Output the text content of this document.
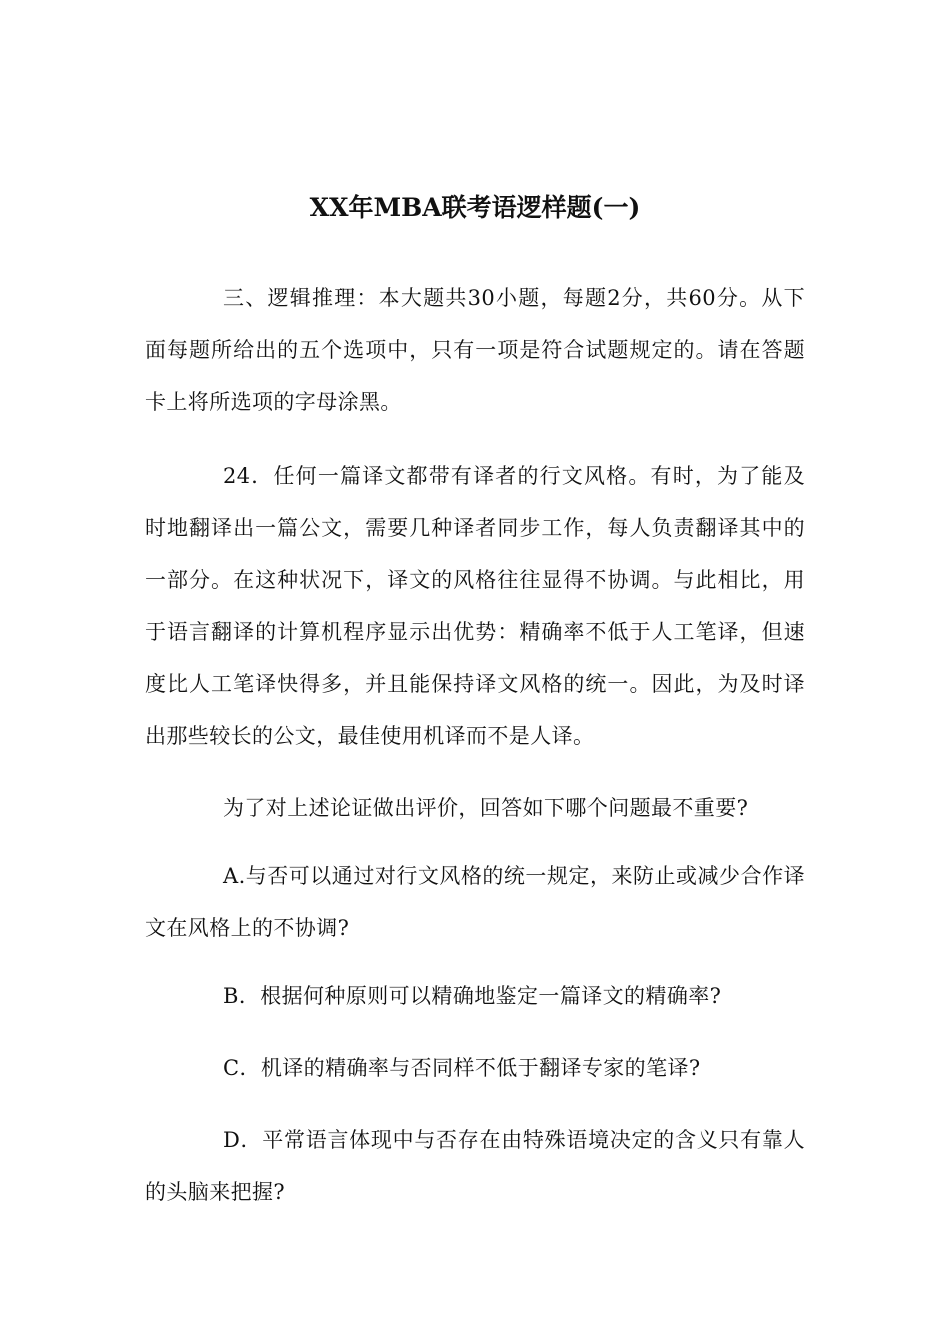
XX年MBA联考语逻样题(一)

三、逻辑推理：本大题共30小题，每题2分，共60分。从下面每题所给出的五个选项中，只有一项是符合试题规定的。请在答题卡上将所选项的字母涂黑。

24．任何一篇译文都带有译者的行文风格。有时，为了能及时地翻译出一篇公文，需要几种译者同步工作，每人负责翻译其中的一部分。在这种状况下，译文的风格往往显得不协调。与此相比，用于语言翻译的计算机程序显示出优势：精确率不低于人工笔译，但速度比人工笔译快得多，并且能保持译文风格的统一。因此，为及时译出那些较长的公文，最佳使用机译而不是人译。

为了对上述论证做出评价，回答如下哪个问题最不重要?

A.与否可以通过对行文风格的统一规定，来防止或减少合作译文在风格上的不协调?

B．根据何种原则可以精确地鉴定一篇译文的精确率?

C．机译的精确率与否同样不低于翻译专家的笔译?

D．平常语言体现中与否存在由特殊语境决定的含义只有靠人的头脑来把握?
